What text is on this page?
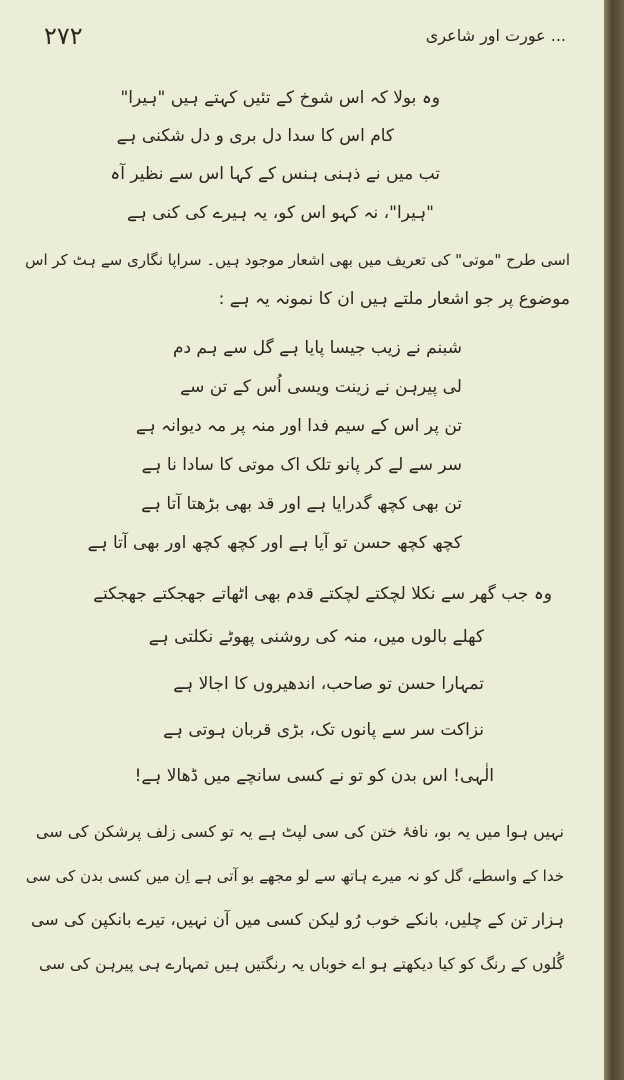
٢٧٢	... عورت اور شاعری
وہ بولا کہ اس شوخ کے تئیں کہتے ہیں "ہیرا"
کام اس کا سدا دل بری و دل شکنی ہے
تب میں نے ذہنی ہنس کے کہا اس سے نظیر آہ
"ہیرا"، نہ کہو اس کو، یہ ہیرے کی کنی ہے
اسی طرح "موتی" کی تعریف میں بھی اشعار موجود ہیں۔ سراپا نگاری سے ہٹ کر اس
موضوع پر جو اشعار ملتے ہیں ان کا نمونہ یہ ہے :
شبنم نے زیب جیسا پایا ہے گل سے ہم دم
لی پیرہن نے زینت ویسی اُس کے تن سے
تن پر اس کے سیم فدا اور منہ پر مہ دیوانہ ہے
سر سے لے کر پانو تلک اک موتی کا سادا نا ہے
تن بھی کچھ گدرایا ہے اور قد بھی بڑھتا آتا ہے
کچھ کچھ حسن تو آیا ہے اور کچھ کچھ اور بھی آتا ہے
وہ جب گھر سے نکلا لچکتے لچکتے قدم بھی اٹھاتے جھجکتے جھجکتے
کھلے بالوں میں، منہ کی روشنی پھوٹے نکلتی ہے
تمہارا حسن تو صاحب، اندھیروں کا اجالا ہے
نزاکت سر سے پانوں تک، بڑی قربان ہوتی ہے
الٰہی! اس بدن کو تو نے کسی سانچے میں ڈھالا ہے!
نہیں ہوا میں یہ بو، نافۂ ختن کی سی لپٹ ہے یہ تو کسی زلف پرشکن کی سی
خدا کے واسطے، گل کو نہ میرے ہاتھ سے لو مجھے بو آتی ہے اِن میں کسی بدن کی سی
ہزار تن کے چلیں، بانکے خوب رُو لیکن کسی میں آن نہیں، تیرے بانکپن کی سی
گُلوں کے رنگ کو کیا دیکھتے ہو اے خوباں یہ رنگتیں ہیں تمہارے ہی پیرہن کی سی
